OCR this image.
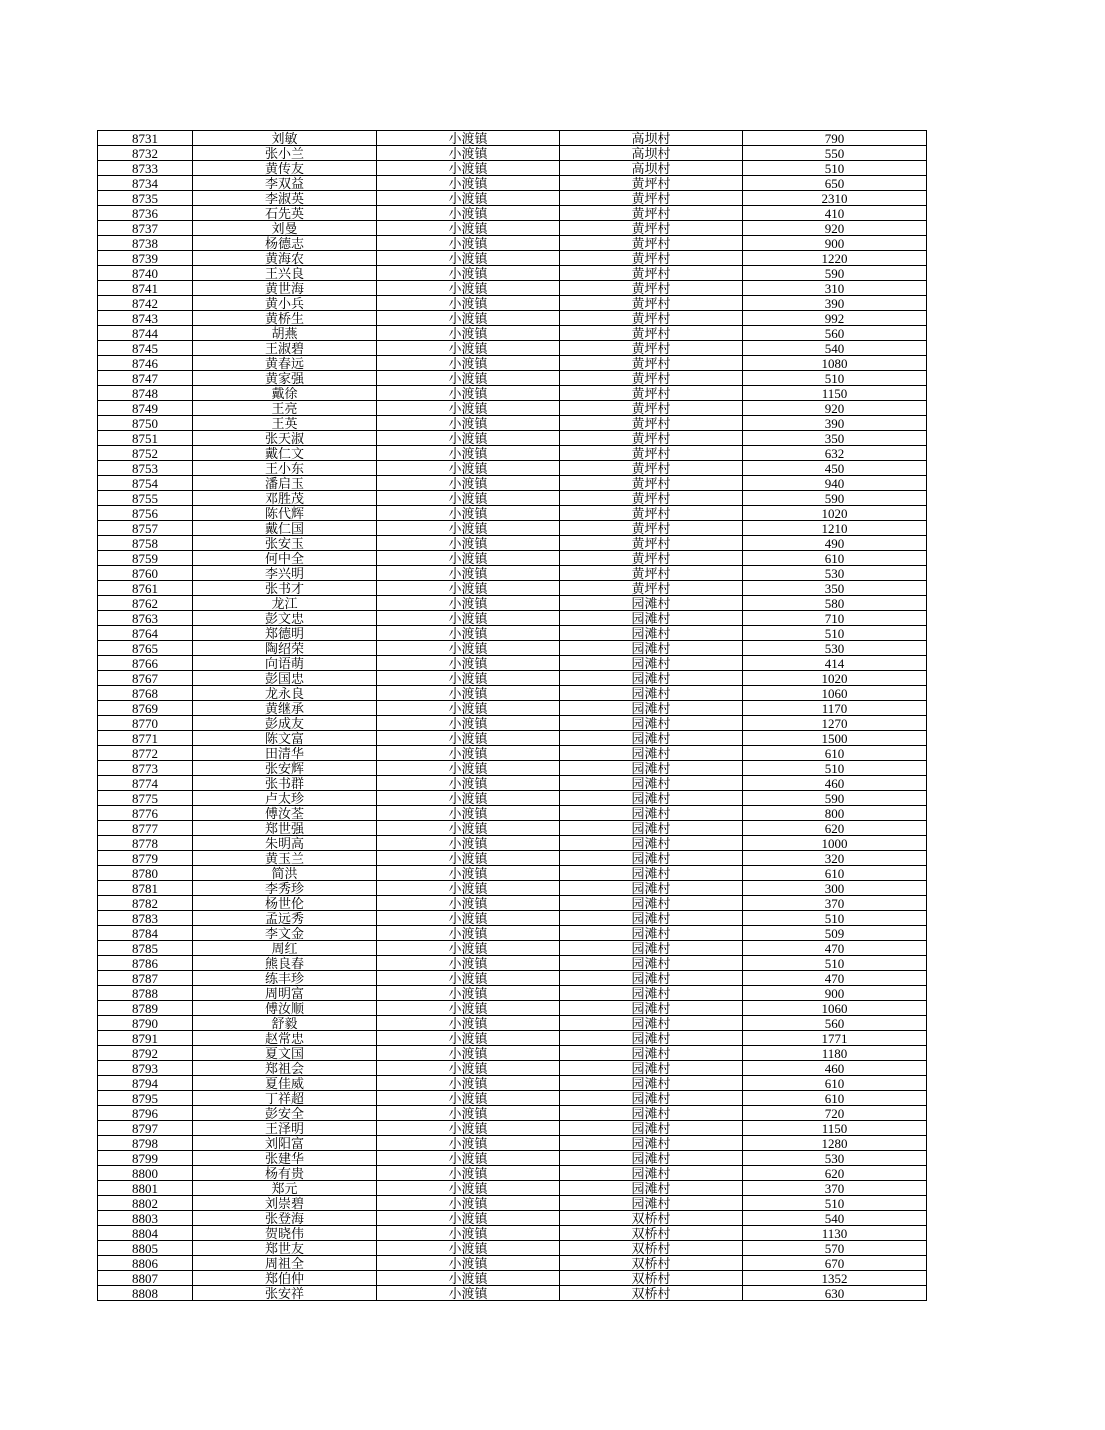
8731	刘敏	小渡镇	高坝村	790
8732	张小兰	小渡镇	高坝村	550
8733	黄传友	小渡镇	高坝村	510
8734	李双益	小渡镇	黄坪村	650
8735	李淑英	小渡镇	黄坪村	2310
8736	石先英	小渡镇	黄坪村	410
8737	刘曼	小渡镇	黄坪村	920
8738	杨德志	小渡镇	黄坪村	900
8739	黄海农	小渡镇	黄坪村	1220
8740	王兴良	小渡镇	黄坪村	590
8741	黄世海	小渡镇	黄坪村	310
8742	黄小兵	小渡镇	黄坪村	390
8743	黄桥生	小渡镇	黄坪村	992
8744	胡燕	小渡镇	黄坪村	560
8745	王淑碧	小渡镇	黄坪村	540
8746	黄春远	小渡镇	黄坪村	1080
8747	黄家强	小渡镇	黄坪村	510
8748	戴徐	小渡镇	黄坪村	1150
8749	王亮	小渡镇	黄坪村	920
8750	王英	小渡镇	黄坪村	390
8751	张天淑	小渡镇	黄坪村	350
8752	戴仁文	小渡镇	黄坪村	632
8753	王小东	小渡镇	黄坪村	450
8754	潘启玉	小渡镇	黄坪村	940
8755	邓胜茂	小渡镇	黄坪村	590
8756	陈代辉	小渡镇	黄坪村	1020
8757	戴仁国	小渡镇	黄坪村	1210
8758	张安玉	小渡镇	黄坪村	490
8759	何中全	小渡镇	黄坪村	610
8760	李兴明	小渡镇	黄坪村	530
8761	张书才	小渡镇	黄坪村	350
8762	龙江	小渡镇	园滩村	580
8763	彭文忠	小渡镇	园滩村	710
8764	郑德明	小渡镇	园滩村	510
8765	陶绍荣	小渡镇	园滩村	530
8766	向语萌	小渡镇	园滩村	414
8767	彭国忠	小渡镇	园滩村	1020
8768	龙永良	小渡镇	园滩村	1060
8769	黄继承	小渡镇	园滩村	1170
8770	彭成友	小渡镇	园滩村	1270
8771	陈文富	小渡镇	园滩村	1500
8772	田清华	小渡镇	园滩村	610
8773	张安辉	小渡镇	园滩村	510
8774	张书群	小渡镇	园滩村	460
8775	卢太珍	小渡镇	园滩村	590
8776	傅汝荃	小渡镇	园滩村	800
8777	郑世强	小渡镇	园滩村	620
8778	朱明高	小渡镇	园滩村	1000
8779	黄玉兰	小渡镇	园滩村	320
8780	简洪	小渡镇	园滩村	610
8781	李秀珍	小渡镇	园滩村	300
8782	杨世伦	小渡镇	园滩村	370
8783	孟远秀	小渡镇	园滩村	510
8784	李文金	小渡镇	园滩村	509
8785	周红	小渡镇	园滩村	470
8786	熊良春	小渡镇	园滩村	510
8787	练丰珍	小渡镇	园滩村	470
8788	周明富	小渡镇	园滩村	900
8789	傅汝顺	小渡镇	园滩村	1060
8790	舒毅	小渡镇	园滩村	560
8791	赵常忠	小渡镇	园滩村	1771
8792	夏文国	小渡镇	园滩村	1180
8793	郑祖会	小渡镇	园滩村	460
8794	夏佳威	小渡镇	园滩村	610
8795	丁祥超	小渡镇	园滩村	610
8796	彭安全	小渡镇	园滩村	720
8797	王泽明	小渡镇	园滩村	1150
8798	刘阳富	小渡镇	园滩村	1280
8799	张建华	小渡镇	园滩村	530
8800	杨有贵	小渡镇	园滩村	620
8801	郑元	小渡镇	园滩村	370
8802	刘崇碧	小渡镇	园滩村	510
8803	张登海	小渡镇	双桥村	540
8804	贺晓伟	小渡镇	双桥村	1130
8805	郑世友	小渡镇	双桥村	570
8806	周祖全	小渡镇	双桥村	670
8807	郑伯仲	小渡镇	双桥村	1352
8808	张安祥	小渡镇	双桥村	630
